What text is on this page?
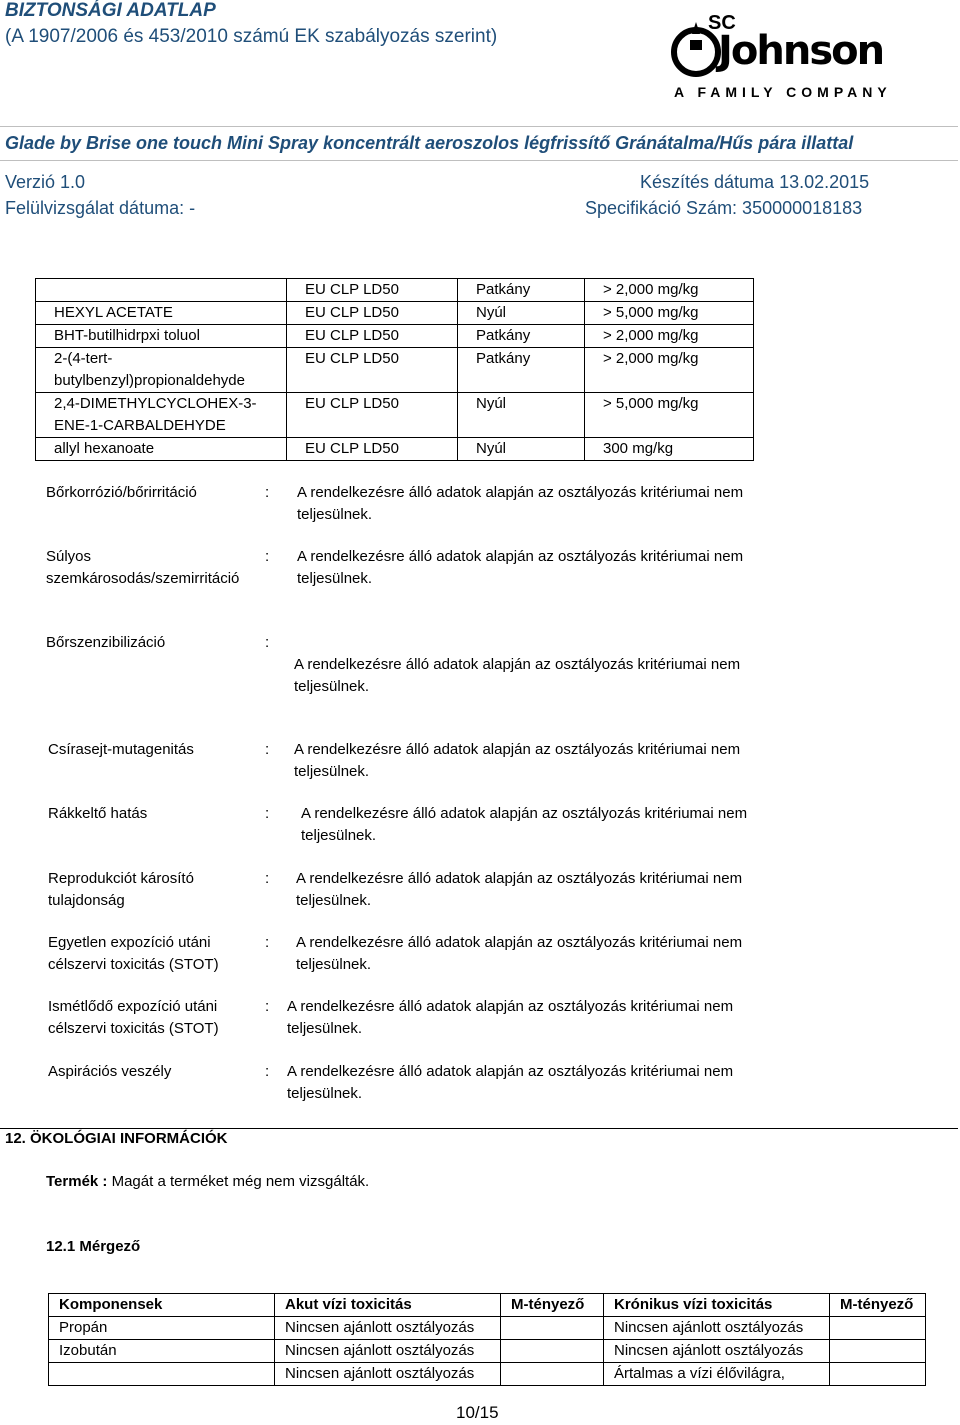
BIZTONSÁGI ADATLAP
(A 1907/2006 és 453/2010 számú EK szabályozás szerint)
SC
Johnson
A FAMILY COMPANY
Glade by Brise one touch Mini Spray koncentrált aeroszolos légfrissítő Gránátalma/Hűs pára illattal
Verzió 1.0	Készítés dátuma 13.02.2015
Felülvizsgálat dátuma: -	Specifikáció Szám: 350000018183
	EU CLP LD50	Patkány	> 2,000 mg/kg
HEXYL ACETATE	EU CLP LD50	Nyúl	> 5,000 mg/kg
BHT-butilhidrpxi toluol	EU CLP LD50	Patkány	> 2,000 mg/kg
2-(4-tert-butylbenzyl)propionaldehyde	EU CLP LD50	Patkány	> 2,000 mg/kg
2,4-DIMETHYLCYCLOHEX-3-ENE-1-CARBALDEHYDE	EU CLP LD50	Nyúl	> 5,000 mg/kg
allyl hexanoate	EU CLP LD50	Nyúl	300 mg/kg
Bőrkorrózió/bőrirritáció	: A rendelkezésre álló adatok alapján az osztályozás kritériumai nem teljesülnek.
Súlyos szemkárosodás/szemirritáció
: A rendelkezésre álló adatok alapján az osztályozás kritériumai nem teljesülnek.
Bőrszenzibilizáció	:
A rendelkezésre álló adatok alapján az osztályozás kritériumai nem teljesülnek.
Csírasejt-mutagenitás	: A rendelkezésre álló adatok alapján az osztályozás kritériumai nem teljesülnek.
Rákkeltő hatás	: A rendelkezésre álló adatok alapján az osztályozás kritériumai nem teljesülnek.
Reprodukciót károsító tulajdonság
: A rendelkezésre álló adatok alapján az osztályozás kritériumai nem teljesülnek.
Egyetlen expozíció utáni célszervi toxicitás (STOT)
: A rendelkezésre álló adatok alapján az osztályozás kritériumai nem teljesülnek.
Ismétlődő expozíció utáni célszervi toxicitás (STOT)
: A rendelkezésre álló adatok alapján az osztályozás kritériumai nem teljesülnek.
Aspirációs veszély	: A rendelkezésre álló adatok alapján az osztályozás kritériumai nem teljesülnek.
12. ÖKOLÓGIAI INFORMÁCIÓK
Termék : Magát a terméket még nem vizsgálták.
12.1 Mérgező
Komponensek	Akut vízi toxicitás	M-tényező	Krónikus vízi toxicitás	M-tényező
Propán	Nincsen ajánlott osztályozás		Nincsen ajánlott osztályozás	
Izobután	Nincsen ajánlott osztályozás		Nincsen ajánlott osztályozás	
	Nincsen ajánlott osztályozás		Ártalmas a vízi élővilágra,	
10/15
